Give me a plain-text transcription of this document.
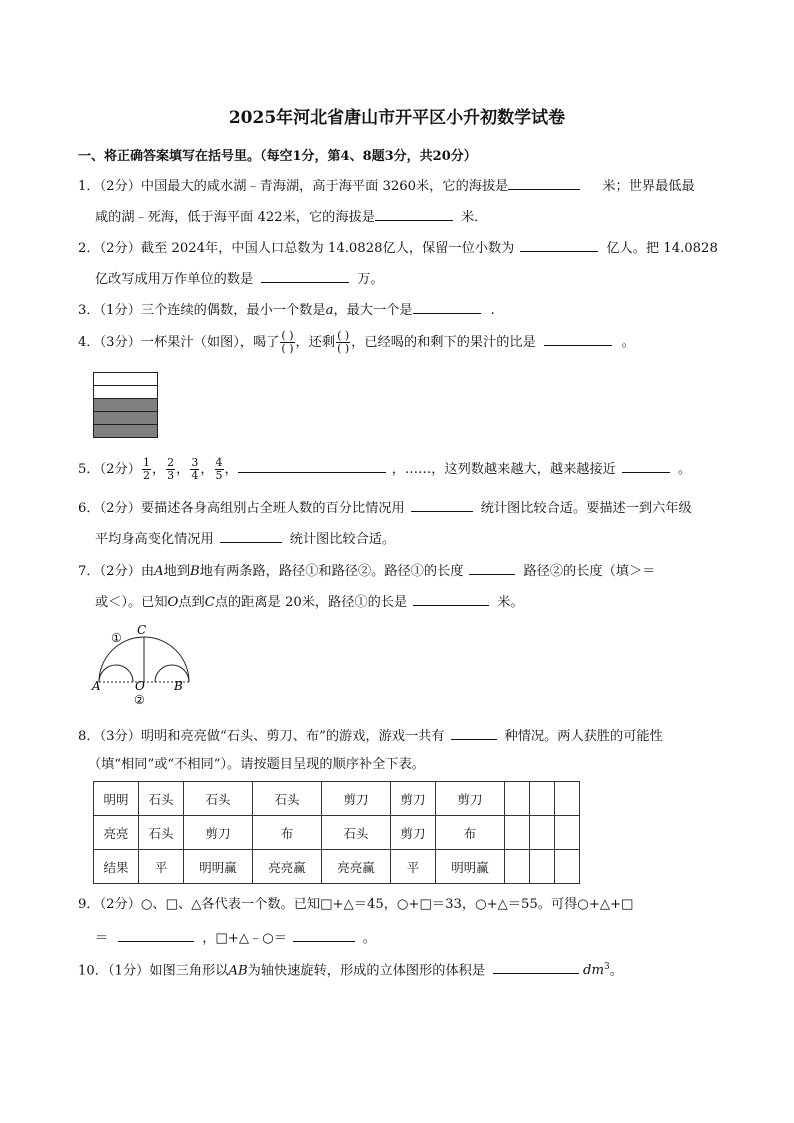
2025年河北省唐山市开平区小升初数学试卷
一、将正确答案填写在括号里。（每空1分，第4、8题3分，共20分）
1．（2分）中国最大的咸水湖﹣青海湖，高于海平面 3260米，它的海拔是	米；世界最低最
咸的湖﹣死海，低于海平面 422米，它的海拔是	米．
2．（2分）截至 2024年，中国人口总数为 14.0828亿人，保留一位小数为	亿人。把 14.0828
亿改写成用万作单位的数是	万。
3．（1分）三个连续的偶数，最小一个数是a，最大一个是	.
4．（3分）一杯果汁（如图），喝了 $\frac{( )}{( )}$ ，还剩 $\frac{( )}{( )}$ ，已经喝的和剩下的果汁的比是	。
5．（2分） $\frac{1}{2}$ ， $\frac{2}{3}$ ， $\frac{3}{4}$ ， $\frac{4}{5}$ ，	，……，这列数越来越大，越来越接近	。
6．（2分）要描述各身高组别占全班人数的百分比情况用	统计图比较合适。要描述一到六年级
平均身高变化情况用	统计图比较合适。
7．（2分）由A地到B地有两条路，路径①和路径②。路径①的长度	路径②的长度（填＞＝
或＜）。已知O点到C点的距离是 20米，路径①的长是	米。
①
C
A	O B
②
8．（3分）明明和亮亮做“石头、剪刀、布”的游戏，游戏一共有	种情况。两人获胜的可能性
（填“相同”或“不相同”）。请按题目呈现的顺序补全下表。
明明	石头	石头	石头	剪刀	剪刀	剪刀			
亮亮	石头	剪刀	布	石头	剪刀	布			
结果	平	明明赢	亮亮赢	亮亮赢	平	明明赢			
9．（2分）○、□、△各代表一个数。已知□+△＝45，○+□＝33，○+△＝55。可得○+△+□
＝	，□+△﹣○＝	。
10．（1分）如图三角形以AB为轴快速旋转，形成的立体图形的体积是	$dm^3$。
